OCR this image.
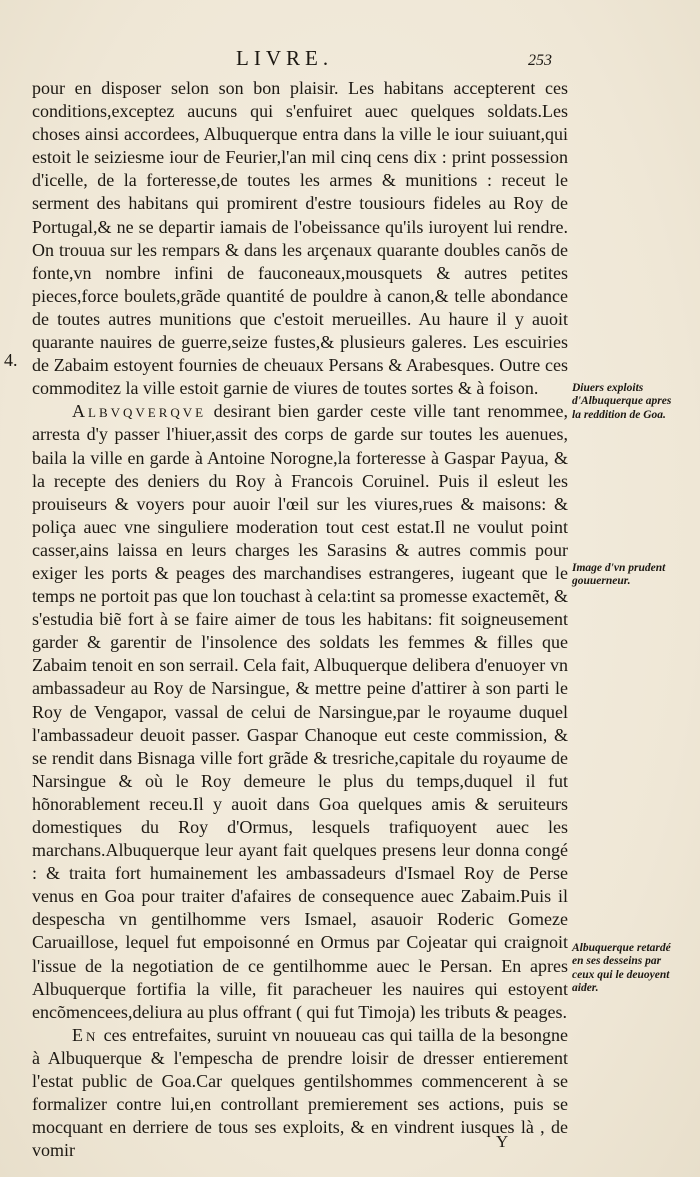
LIVRE.	253
4.

pour en disposer selon son bon plaisir. Les habitans accepterent ces conditions,exceptez aucuns qui s'enfuiret auec quelques soldats.Les choses ainsi accordees, Albuquerque entra dans la ville le iour suiuant,qui estoit le seiziesme iour de Feurier,l'an mil cinq cens dix : print possession d'icelle, de la forteresse,de toutes les armes & munitions : receut le serment des habitans qui promirent d'estre tousiours fideles au Roy de Portugal,& ne se departir iamais de l'obeissance qu'ils iuroyent lui rendre. On trouua sur les rempars & dans les arçenaux quarante doubles canõs de fonte,vn nombre infini de fauconeaux,mousquets & autres petites pieces,force boulets,grãde quantité de pouldre à canon,& telle abondance de toutes autres munitions que c'estoit merueilles. Au haure il y auoit quarante nauires de guerre,seize fustes,& plusieurs galeres. Les escuiries de Zabaim estoyent fournies de cheuaux Persans & Arabesques. Outre ces commoditez la ville estoit garnie de viures de toutes sortes & à foison.

Albvqverqve desirant bien garder ceste ville tant renommee, arresta d'y passer l'hiuer,assit des corps de garde sur toutes les auenues, baila la ville en garde à Antoine Norogne,la forteresse à Gaspar Payua, & la recepte des deniers du Roy à Francois Coruinel. Puis il esleut les prouiseurs & voyers pour auoir l'œil sur les viures,rues & maisons: & poliça auec vne singuliere moderation tout cest estat.Il ne voulut point casser,ains laissa en leurs charges les Sarasins & autres commis pour exiger les ports & peages des marchandises estrangeres, iugeant que le temps ne portoit pas que lon touchast à cela:tint sa promesse exactemẽt, & s'estudia biẽ fort à se faire aimer de tous les habitans: fit soigneusement garder & garentir de l'insolence des soldats les femmes & filles que Zabaim tenoit en son serrail. Cela fait, Albuquerque delibera d'enuoyer vn ambassadeur au Roy de Narsingue, & mettre peine d'attirer à son parti le Roy de Vengapor, vassal de celui de Narsingue,par le royaume duquel l'ambassadeur deuoit passer. Gaspar Chanoque eut ceste commission, & se rendit dans Bisnaga ville fort grãde & tresriche,capitale du royaume de Narsingue & où le Roy demeure le plus du temps,duquel il fut hõnorablement receu.Il y auoit dans Goa quelques amis & seruiteurs domestiques du Roy d'Ormus, lesquels trafiquoyent auec les marchans.Albuquerque leur ayant fait quelques presens leur donna congé : & traita fort humainement les ambassadeurs d'Ismael Roy de Perse venus en Goa pour traiter d'afaires de consequence auec Zabaim.Puis il despescha vn gentilhomme vers Ismael, asauoir Roderic Gomeze Caruaillose, lequel fut empoisonné en Ormus par Cojeatar qui craignoit l'issue de la negotiation de ce gentilhomme auec le Persan. En apres Albuquerque fortifia la ville, fit paracheuer les nauires qui estoyent encõmencees,deliura au plus offrant ( qui fut Timoja) les tributs & peages.

En ces entrefaites, suruint vn nouueau cas qui tailla de la besongne à Albuquerque & l'empescha de prendre loisir de dresser entierement l'estat public de Goa.Car quelques gentilshommes commencerent à se formalizer contre lui,en controllant premierement ses actions, puis se mocquant en derriere de tous ses exploits, & en vindrent iusques là , de vomir

Diuers exploits d'Albuquerque apres la reddition de Goa.
Image d'vn prudent gouuerneur.
Albuquerque retardé en ses desseins par ceux qui le deuoyent aider.
Y
